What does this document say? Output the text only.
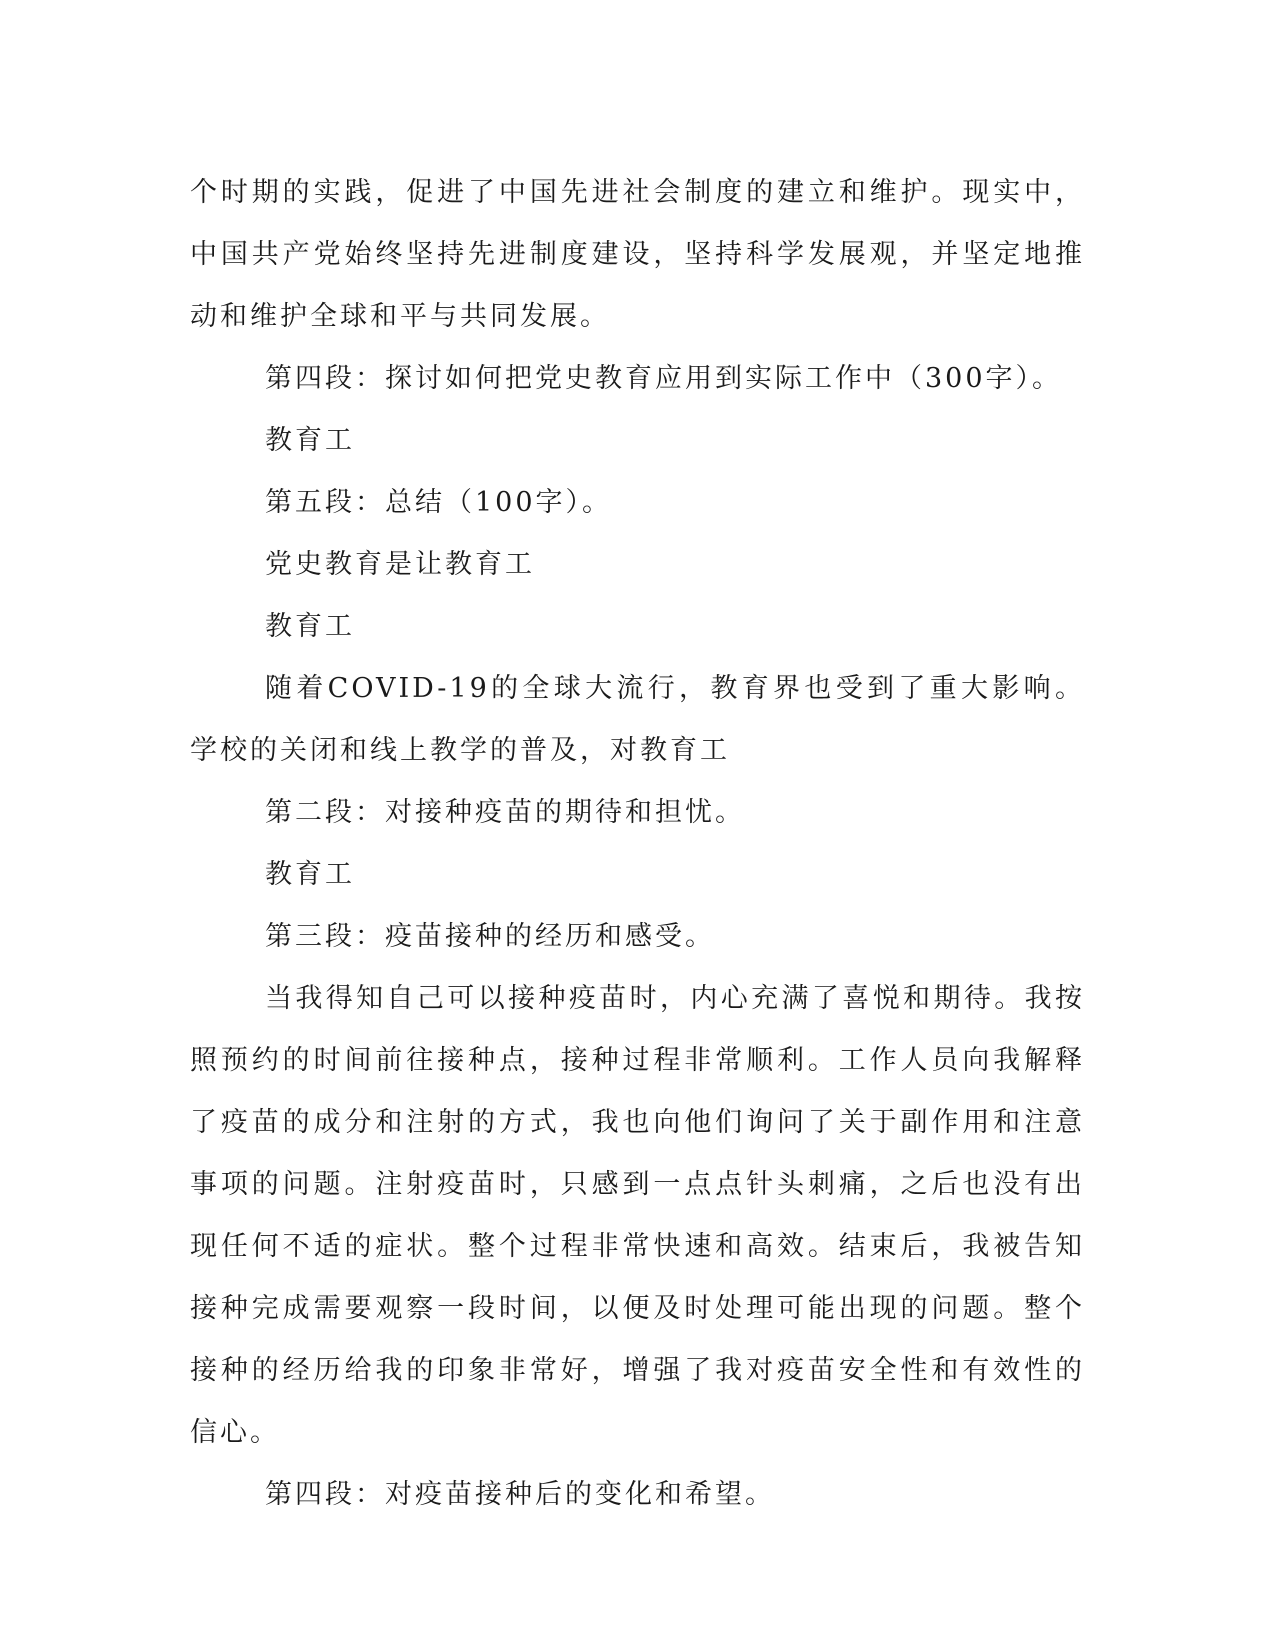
个时期的实践，促进了中国先进社会制度的建立和维护。现实中，中国共产党始终坚持先进制度建设，坚持科学发展观，并坚定地推动和维护全球和平与共同发展。

第四段：探讨如何把党史教育应用到实际工作中（300字）。

教育工

第五段：总结（100字）。

党史教育是让教育工

教育工

随着COVID-19的全球大流行，教育界也受到了重大影响。学校的关闭和线上教学的普及，对教育工

第二段：对接种疫苗的期待和担忧。

教育工

第三段：疫苗接种的经历和感受。

当我得知自己可以接种疫苗时，内心充满了喜悦和期待。我按照预约的时间前往接种点，接种过程非常顺利。工作人员向我解释了疫苗的成分和注射的方式，我也向他们询问了关于副作用和注意事项的问题。注射疫苗时，只感到一点点针头刺痛，之后也没有出现任何不适的症状。整个过程非常快速和高效。结束后，我被告知接种完成需要观察一段时间，以便及时处理可能出现的问题。整个接种的经历给我的印象非常好，增强了我对疫苗安全性和有效性的信心。

第四段：对疫苗接种后的变化和希望。
